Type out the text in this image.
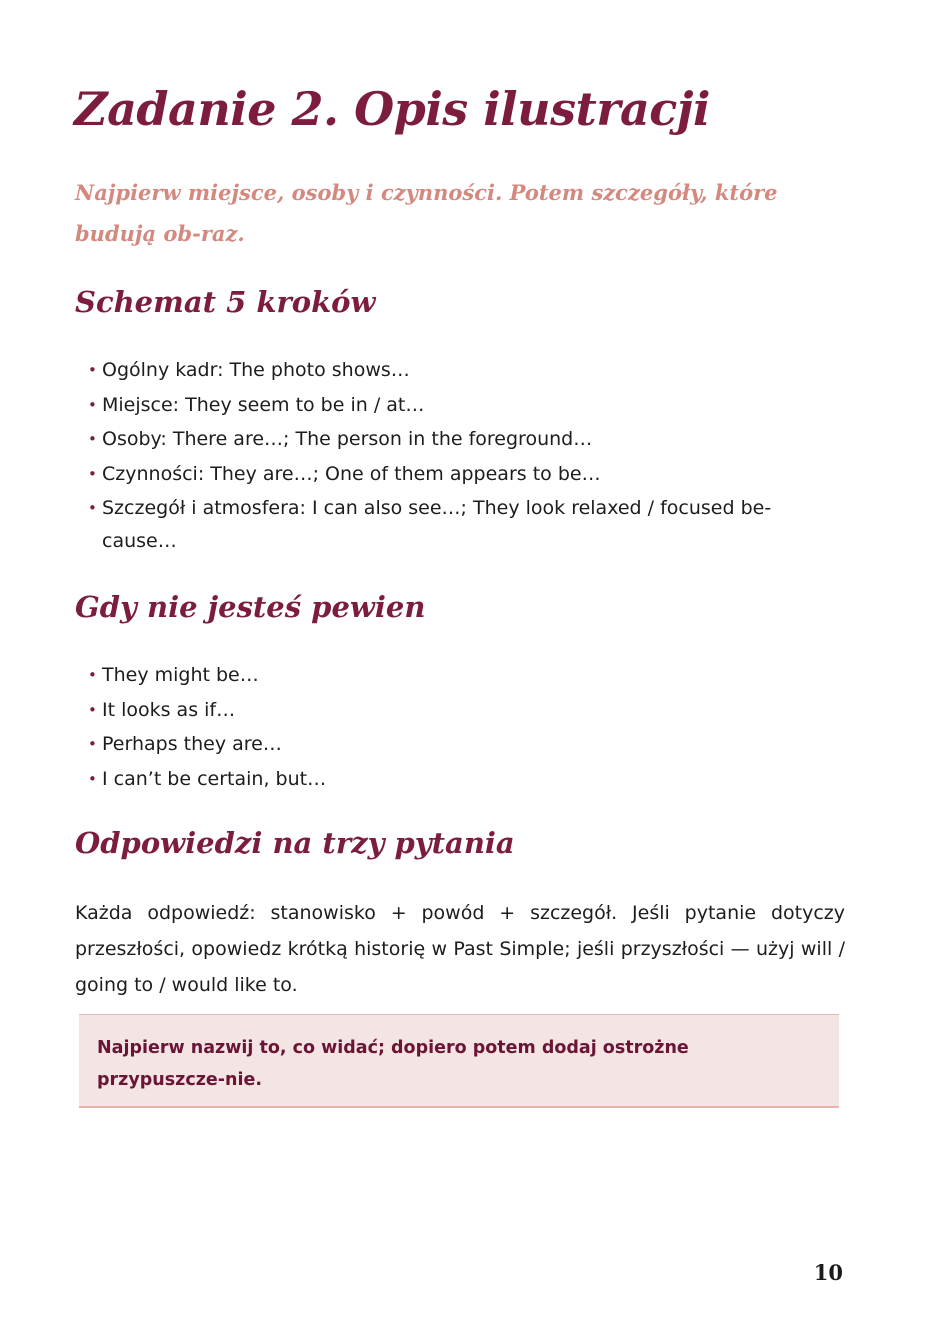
Zadanie 2. Opis ilustracji

Najpierw miejsce, osoby i czynności. Potem szczegóły, które budują ob-raz.

Schemat 5 kroków
• Ogólny kadr: The photo shows…
• Miejsce: They seem to be in / at…
• Osoby: There are…; The person in the foreground…
• Czynności: They are…; One of them appears to be…
• Szczegół i atmosfera: I can also see…; They look relaxed / focused be-cause…
Gdy nie jesteś pewien
• They might be…
• It looks as if…
• Perhaps they are…
• I can’t be certain, but…
Odpowiedzi na trzy pytania

Każda odpowiedź: stanowisko + powód + szczegół. Jeśli pytanie dotyczy przeszłości, opowiedz krótką historię w Past Simple; jeśli przyszłości — użyj will / going to / would like to.

Najpierw nazwij to, co widać; dopiero potem dodaj ostrożne przypuszcze-nie.

10
